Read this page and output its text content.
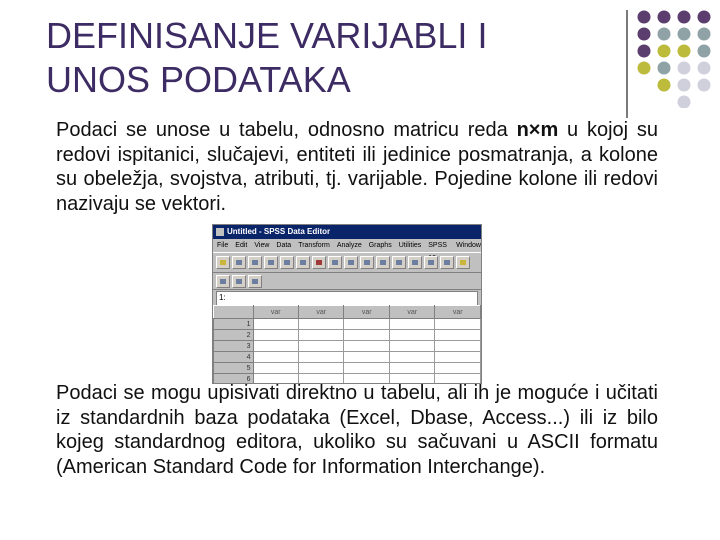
DEFINISANJE VARIJABLI I UNOS PODATAKA

Podaci se unose u tabelu, odnosno matricu reda n×m u kojoj su redovi ispitanici, slučajevi, entiteti ili jedinice posmatranja, a kolone su obeležja, svojstva, atributi, tj. varijable. Pojedine kolone ili redovi nazivaju se vektori.

Untitled - SPSS Data Editor
File Edit View Data Transform Analyze Graphs Utilities SPSS	Window
1:
	var	var	var	var	var
1					
2					
3					
4					
5					
6					

Podaci se mogu upisivati direktno u tabelu, ali ih je moguće i učitati iz standardnih baza podataka (Excel, Dbase, Access...) ili iz bilo kojeg standardnog editora, ukoliko su sačuvani u ASCII formatu (American Standard Code for Information Interchange).
